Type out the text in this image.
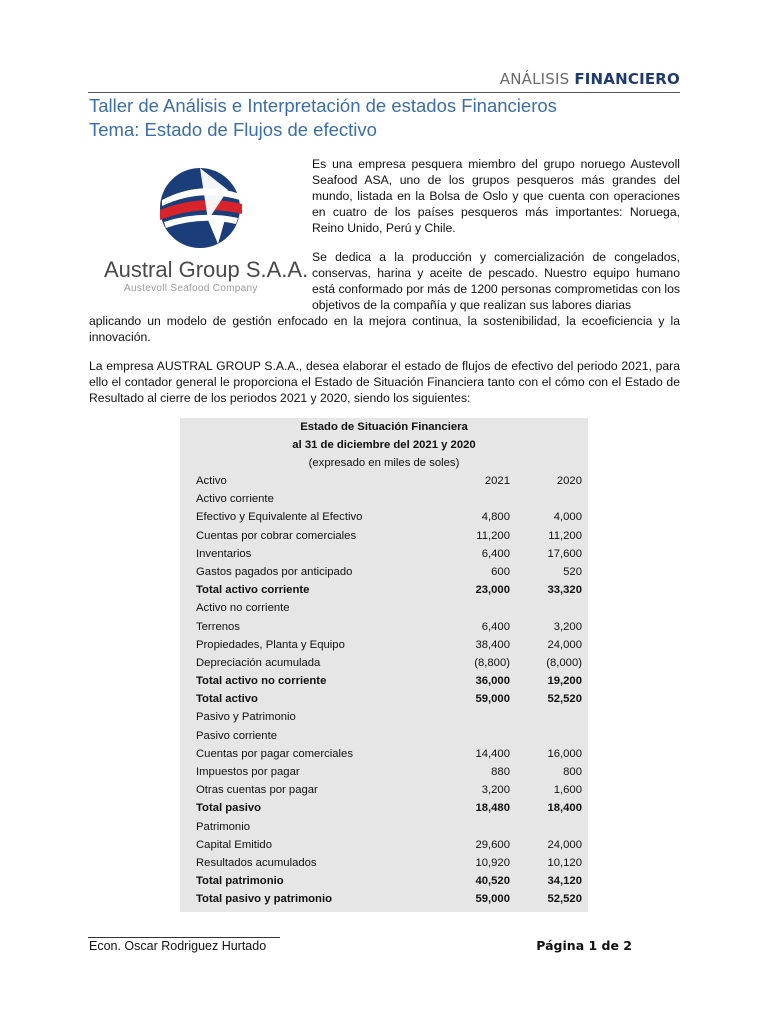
ANÁLISIS FINANCIERO
Taller de Análisis e Interpretación de estados Financieros
Tema: Estado de Flujos de efectivo
Austral Group S.A.A.
Austevoll Seafood Company

Es una empresa pesquera miembro del grupo noruego Austevoll Seafood ASA, uno de los grupos pesqueros más grandes del mundo, listada en la Bolsa de Oslo y que cuenta con operaciones en cuatro de los países pesqueros más importantes: Noruega, Reino Unido, Perú y Chile.

Se dedica a la producción y comercialización de congelados, conservas, harina y aceite de pescado. Nuestro equipo humano está conformado por más de 1200 personas comprometidas con los objetivos de la compañía y que realizan sus labores diarias

aplicando un modelo de gestión enfocado en la mejora continua, la sostenibilidad, la ecoeficiencia y la innovación.

La empresa AUSTRAL GROUP S.A.A., desea elaborar el estado de flujos de efectivo del periodo 2021, para ello el contador general le proporciona el Estado de Situación Financiera tanto con el cómo con el Estado de Resultado al cierre de los periodos 2021 y 2020, siendo los siguientes:

Estado de Situación Financiera
al 31 de diciembre del 2021 y 2020
(expresado en miles de soles)
Activo	2021	2020
Activo corriente
Efectivo y Equivalente al Efectivo	4,800	4,000
Cuentas por cobrar comerciales	11,200	11,200
Inventarios	6,400	17,600
Gastos pagados por anticipado	600	520
Total activo corriente	23,000	33,320
Activo no corriente
Terrenos	6,400	3,200
Propiedades, Planta y Equipo	38,400	24,000
Depreciación acumulada	(8,800)	(8,000)
Total activo no corriente	36,000	19,200
Total activo	59,000	52,520
Pasivo y Patrimonio
Pasivo corriente
Cuentas por pagar comerciales	14,400	16,000
Impuestos por pagar	880	800
Otras cuentas por pagar	3,200	1,600
Total pasivo	18,480	18,400
Patrimonio
Capital Emitido	29,600	24,000
Resultados acumulados	10,920	10,120
Total patrimonio	40,520	34,120
Total pasivo y patrimonio	59,000	52,520
Econ. Oscar Rodriguez Hurtado	Página 1 de 2
